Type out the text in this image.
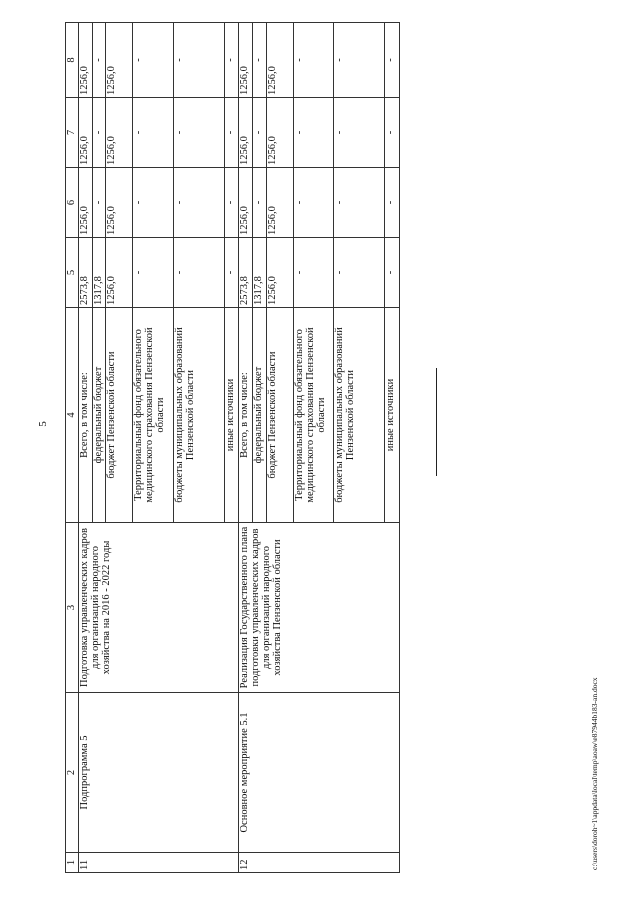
5
1	2	3	4	5	6	7	8
11	Подпрограмма 5	Подготовка управленческих кадров для организаций народного хозяйства на 2016 - 2022 годы	Всего, в том числе:	2573,8	1256,0	1256,0	1256,0
			федеральный бюджет	1317,8	-	-	-
			бюджет Пензенской области	1256,0	1256,0	1256,0	1256,0
			Территориальный фонд обязательного медицинского страхования Пензенской области	-	-	-	-
			бюджеты муниципальных образований Пензенской области	-	-	-	-
			иные источники	-	-	-	-
12	Основное мероприятие 5.1	Реализация Государственного плана подготовки управленческих кадров для организаций народного хозяйства Пензенской области	Всего, в том числе:	2573,8	1256,0	1256,0	1256,0
			федеральный бюджет	1317,8	-	-	-
			бюджет Пензенской области	1256,0	1256,0	1256,0	1256,0
			Территориальный фонд обязательного медицинского страхования Пензенской области	-	-	-	-
			бюджеты муниципальных образований Пензенской области	-	-	-	-
			иные источники	-	-	-	-
c:\users\doroh~1\appdata\local\temp\aoaw\e87944b183-an.docx
